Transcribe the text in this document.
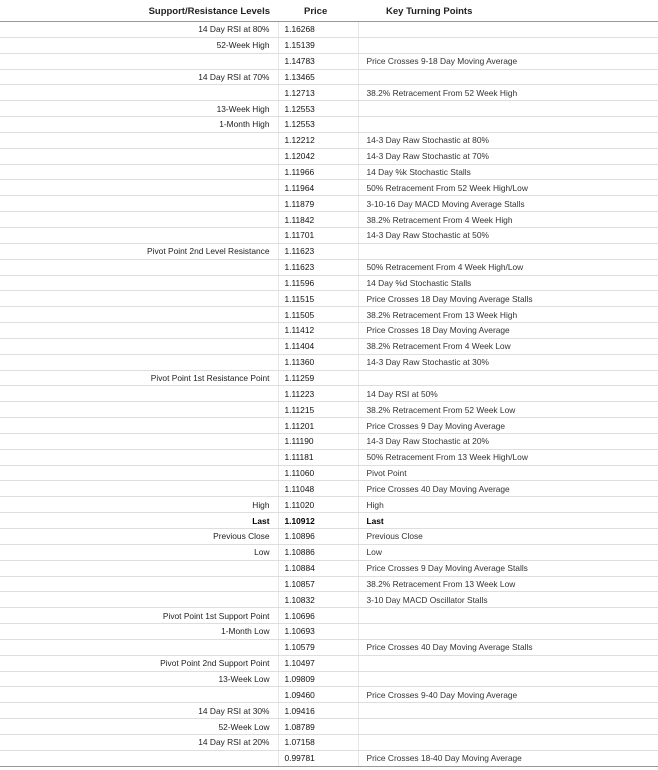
Support/Resistance Levels	Price	Key Turning Points
14 Day RSI at 80%	1.16268	
52-Week High	1.15139	
	1.14783	Price Crosses 9-18 Day Moving Average
14 Day RSI at 70%	1.13465	
	1.12713	38.2% Retracement From 52 Week High
13-Week High	1.12553	
1-Month High	1.12553	
	1.12212	14-3 Day Raw Stochastic at 80%
	1.12042	14-3 Day Raw Stochastic at 70%
	1.11966	14 Day %k Stochastic Stalls
	1.11964	50% Retracement From 52 Week High/Low
	1.11879	3-10-16 Day MACD Moving Average Stalls
	1.11842	38.2% Retracement From 4 Week High
	1.11701	14-3 Day Raw Stochastic at 50%
Pivot Point 2nd Level Resistance	1.11623	
	1.11623	50% Retracement From 4 Week High/Low
	1.11596	14 Day %d Stochastic Stalls
	1.11515	Price Crosses 18 Day Moving Average Stalls
	1.11505	38.2% Retracement From 13 Week High
	1.11412	Price Crosses 18 Day Moving Average
	1.11404	38.2% Retracement From 4 Week Low
	1.11360	14-3 Day Raw Stochastic at 30%
Pivot Point 1st Resistance Point	1.11259	
	1.11223	14 Day RSI at 50%
	1.11215	38.2% Retracement From 52 Week Low
	1.11201	Price Crosses 9 Day Moving Average
	1.11190	14-3 Day Raw Stochastic at 20%
	1.11181	50% Retracement From 13 Week High/Low
	1.11060	Pivot Point
	1.11048	Price Crosses 40 Day Moving Average
High	1.11020	High
Last	1.10912	Last
Previous Close	1.10896	Previous Close
Low	1.10886	Low
	1.10884	Price Crosses 9 Day Moving Average Stalls
	1.10857	38.2% Retracement From 13 Week Low
	1.10832	3-10 Day MACD Oscillator Stalls
Pivot Point 1st Support Point	1.10696	
1-Month Low	1.10693	
	1.10579	Price Crosses 40 Day Moving Average Stalls
Pivot Point 2nd Support Point	1.10497	
13-Week Low	1.09809	
	1.09460	Price Crosses 9-40 Day Moving Average
14 Day RSI at 30%	1.09416	
52-Week Low	1.08789	
14 Day RSI at 20%	1.07158	
	0.99781	Price Crosses 18-40 Day Moving Average
